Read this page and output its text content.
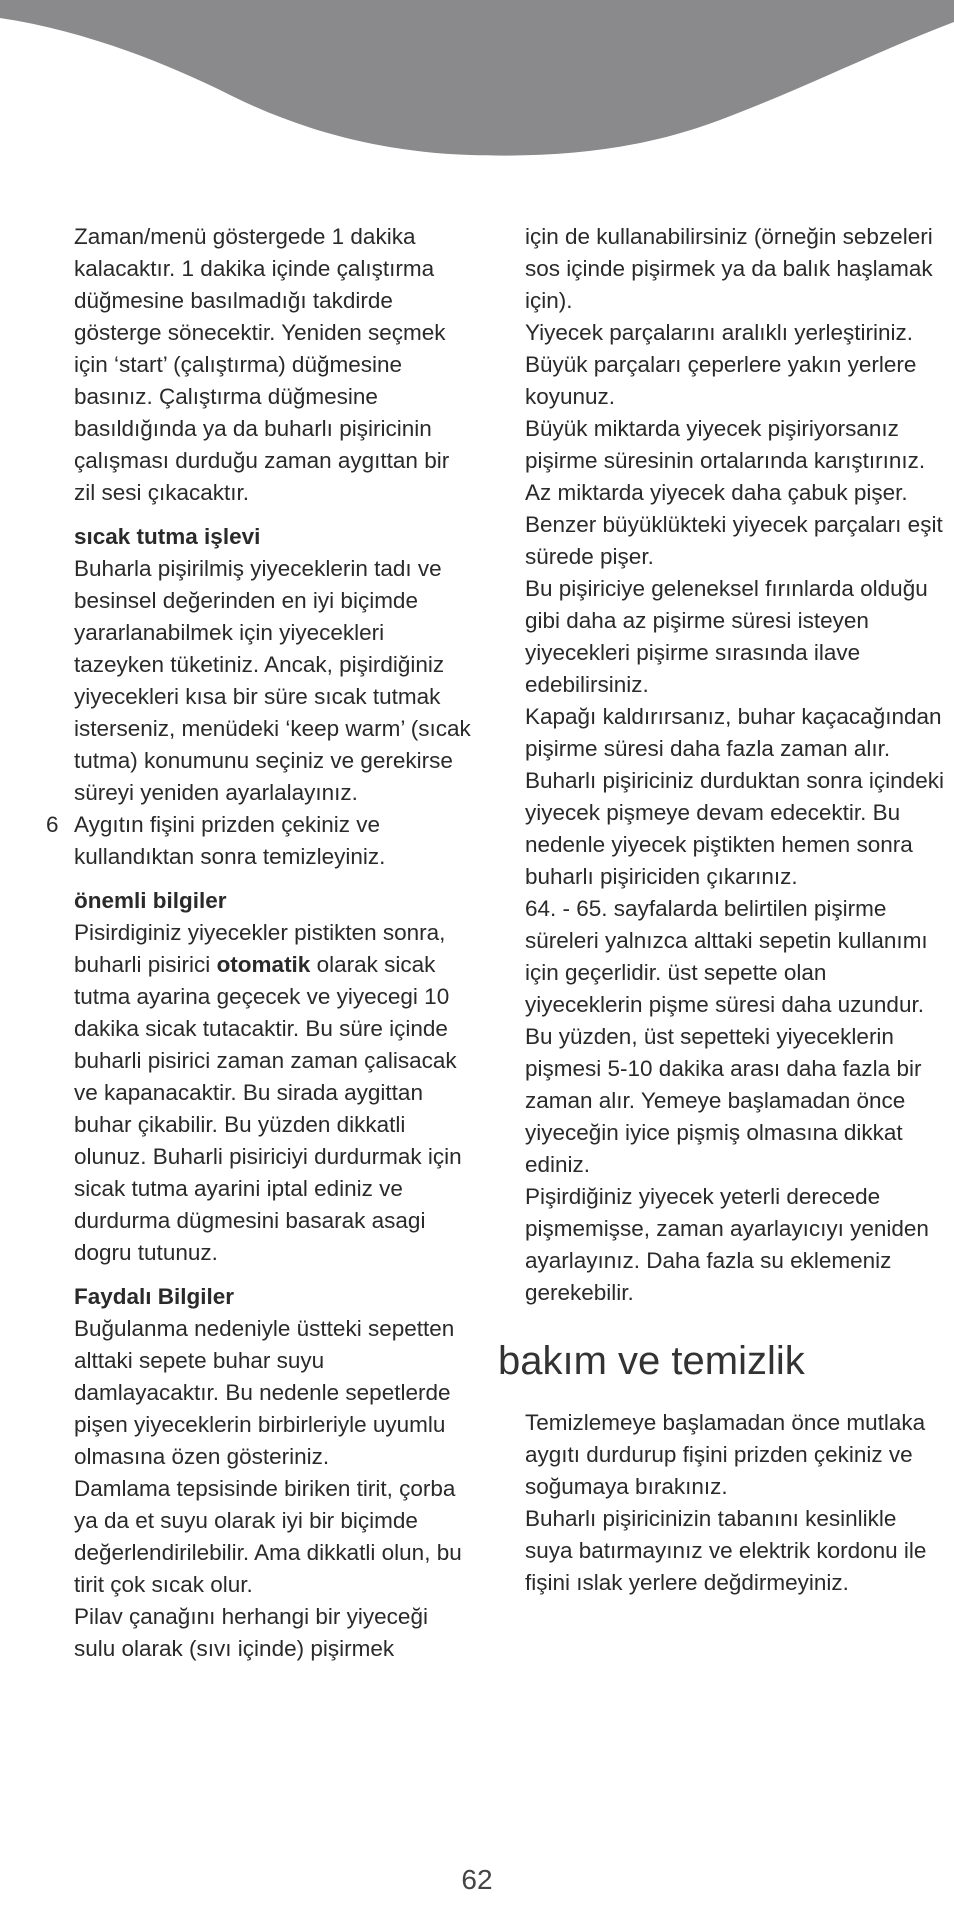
Zaman/menü göstergede 1 dakika kalacaktır. 1 dakika içinde çalıştırma düğmesine basılmadığı takdirde gösterge sönecektir. Yeniden seçmek için ‘start’ (çalıştırma) düğmesine basınız. Çalıştırma düğmesine basıldığında ya da buharlı pişiricinin çalışması durduğu zaman aygıttan bir zil sesi çıkacaktır.

sıcak tutma işlevi

Buharla pişirilmiş yiyeceklerin tadı ve besinsel değerinden en iyi biçimde yararlanabilmek için yiyecekleri tazeyken tüketiniz. Ancak, pişirdiğiniz yiyecekleri kısa bir süre sıcak tutmak isterseniz, menüdeki ‘keep warm’ (sıcak tutma) konumunu seçiniz ve gerekirse süreyi yeniden ayarlalayınız.

6 Aygıtın fişini prizden çekiniz ve kullandıktan sonra temizleyiniz.

önemli bilgiler

Pisirdiginiz yiyecekler pistikten sonra, buharli pisirici otomatik olarak sicak tutma ayarina geçecek ve yiyecegi 10 dakika sicak tutacaktir. Bu süre içinde buharli pisirici zaman zaman çalisacak ve kapanacaktir. Bu sirada aygittan buhar çikabilir. Bu yüzden dikkatli olunuz. Buharli pisiriciyi durdurmak için sicak tutma ayarini iptal ediniz ve durdurma dügmesini basarak asagi dogru tutunuz.

Faydalı Bilgiler

Buğulanma nedeniyle üstteki sepetten alttaki sepete buhar suyu damlayacaktır. Bu nedenle sepetlerde pişen yiyeceklerin birbirleriyle uyumlu olmasına özen gösteriniz.

Damlama tepsisinde biriken tirit, çorba ya da et suyu olarak iyi bir biçimde değerlendirilebilir. Ama dikkatli olun, bu tirit çok sıcak olur.

Pilav çanağını herhangi bir yiyeceği sulu olarak (sıvı içinde) pişirmek

için de kullanabilirsiniz (örneğin sebzeleri sos içinde pişirmek ya da balık haşlamak için).

Yiyecek parçalarını aralıklı yerleştiriniz. Büyük parçaları çeperlere yakın yerlere koyunuz.

Büyük miktarda yiyecek pişiriyorsanız pişirme süresinin ortalarında karıştırınız.

Az miktarda yiyecek daha çabuk pişer.

Benzer büyüklükteki yiyecek parçaları eşit sürede pişer.

Bu pişiriciye geleneksel fırınlarda olduğu gibi daha az pişirme süresi isteyen yiyecekleri pişirme sırasında ilave edebilirsiniz.

Kapağı kaldırırsanız, buhar kaçacağından pişirme süresi daha fazla zaman alır.

Buharlı pişiriciniz durduktan sonra içindeki yiyecek pişmeye devam edecektir. Bu nedenle yiyecek piştikten hemen sonra buharlı pişiriciden çıkarınız.

64. - 65. sayfalarda belirtilen pişirme süreleri yalnızca alttaki sepetin kullanımı için geçerlidir. üst sepette olan yiyeceklerin pişme süresi daha uzundur. Bu yüzden, üst sepetteki yiyeceklerin pişmesi 5-10 dakika arası daha fazla bir zaman alır. Yemeye başlamadan önce yiyeceğin iyice pişmiş olmasına dikkat ediniz.

Pişirdiğiniz yiyecek yeterli derecede pişmemişse, zaman ayarlayıcıyı yeniden ayarlayınız. Daha fazla su eklemeniz gerekebilir.

bakım ve temizlik

Temizlemeye başlamadan önce mutlaka aygıtı durdurup fişini prizden çekiniz ve soğumaya bırakınız.

Buharlı pişiricinizin tabanını kesinlikle suya batırmayınız ve elektrik kordonu ile fişini ıslak yerlere değdirmeyiniz.

62
